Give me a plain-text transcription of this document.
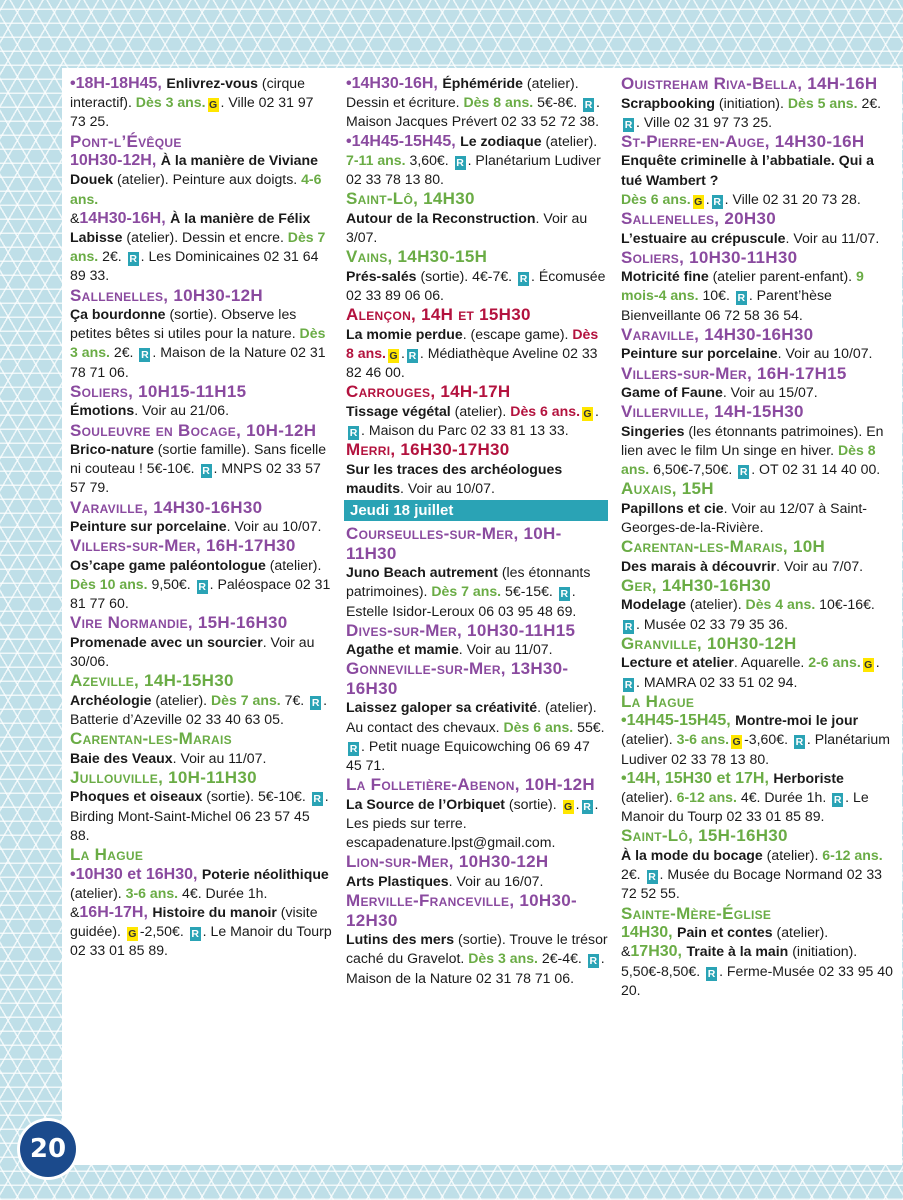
•18H-18H45, Enlivrez-vous (cirque interactif). Dès 3 ans. G . Ville 02 31 97 73 25.

Pont-l’Évêque

10H30-12H, À la manière de Viviane Douek (atelier). Peinture aux doigts. 4-6 ans.

&14H30-16H, À la manière de Félix Labisse (atelier). Dessin et encre. Dès 7 ans. 2€. R . Les Dominicaines 02 31 64 89 33.

Sallenelles, 10H30-12H

Ça bourdonne (sortie). Observe les petites bêtes si utiles pour la nature. Dès 3 ans. 2€. R . Maison de la Nature 02 31 78 71 06.

Soliers, 10H15-11H15

Émotions. Voir au 21/06.

Souleuvre en Bocage, 10H-12H

Brico-nature (sortie famille). Sans ficelle ni couteau ! 5€-10€. R . MNPS 02 33 57 57 79.

Varaville, 14H30-16H30

Peinture sur porcelaine. Voir au 10/07.

Villers-sur-Mer, 16H-17H30

Os’cape game paléontologue (atelier). Dès 10 ans. 9,50€. R . Paléospace 02 31 81 77 60.

Vire Normandie, 15H-16H30

Promenade avec un sourcier. Voir au 30/06.

Azeville, 14H-15H30

Archéologie (atelier). Dès 7 ans. 7€. R . Batterie d’Azeville 02 33 40 63 05.

Carentan-les-Marais

Baie des Veaux. Voir au 11/07.

Jullouville, 10H-11H30

Phoques et oiseaux (sortie). 5€-10€. R . Birding Mont-Saint-Michel 06 23 57 45 88.

La Hague

•10H30 et 16H30, Poterie néolithique (atelier). 3-6 ans. 4€. Durée 1h.

&16H-17H, Histoire du manoir (visite guidée). G -2,50€. R . Le Manoir du Tourp 02 33 01 85 89.

•14H30-16H, Éphéméride (atelier). Dessin et écriture. Dès 8 ans. 5€-8€. R . Maison Jacques Prévert 02 33 52 72 38.

•14H45-15H45, Le zodiaque (atelier). 7-11 ans. 3,60€. R . Planétarium Ludiver 02 33 78 13 80.

Saint-Lô, 14H30

Autour de la Reconstruction. Voir au 3/07.

Vains, 14H30-15H

Prés-salés (sortie). 4€-7€. R . Écomusée 02 33 89 06 06.

Alençon, 14H et 15H30

La momie perdue. (escape game). Dès 8 ans. G . R . Médiathèque Aveline 02 33 82 46 00.

Carrouges, 14H-17H

Tissage végétal (atelier). Dès 6 ans. G .R . Maison du Parc 02 33 81 13 33.

Merri, 16H30-17H30

Sur les traces des archéologues maudits. Voir au 10/07.

Jeudi 18 juillet

Courseulles-sur-Mer, 10H-11H30

Juno Beach autrement (les étonnants patrimoines). Dès 7 ans. 5€-15€. R . Estelle Isidor-Leroux 06 03 95 48 69.

Dives-sur-Mer, 10H30-11H15

Agathe et mamie. Voir au 11/07.

Gonneville-sur-Mer, 13H30-16H30

Laissez galoper sa créativité. (atelier). Au contact des chevaux. Dès 6 ans. 55€. R . Petit nuage Equicowching 06 69 47 45 71.

La Folletière-Abenon, 10H-12H

La Source de l’Orbiquet (sortie). G . R . Les pieds sur terre. escapadenature.lpst@gmail.com.

Lion-sur-Mer, 10H30-12H

Arts Plastiques. Voir au 16/07.

Merville-Franceville, 10H30-12H30

Lutins des mers (sortie). Trouve le trésor caché du Gravelot. Dès 3 ans. 2€-4€. R . Maison de la Nature 02 31 78 71 06.

Ouistreham Riva-Bella, 14H-16H

Scrapbooking (initiation). Dès 5 ans. 2€. R . Ville 02 31 97 73 25.

St-Pierre-en-Auge, 14H30-16H

Enquête criminelle à l’abbatiale. Qui a tué Wambert ?

Dès 6 ans. G . R . Ville 02 31 20 73 28.

Sallenelles, 20H30

L’estuaire au crépuscule. Voir au 11/07.

Soliers, 10H30-11H30

Motricité fine (atelier parent-enfant). 9 mois-4 ans. 10€. R . Parent’hèse Bienveillante 06 72 58 36 54.

Varaville, 14H30-16H30

Peinture sur porcelaine. Voir au 10/07.

Villers-sur-Mer, 16H-17H15

Game of Faune. Voir au 15/07.

Villerville, 14H-15H30

Singeries (les étonnants patrimoines). En lien avec le film Un singe en hiver. Dès 8 ans. 6,50€-7,50€. R . OT 02 31 14 40 00.

Auxais, 15H

Papillons et cie. Voir au 12/07 à Saint-Georges-de-la-Rivière.

Carentan-les-Marais, 10H

Des marais à découvrir. Voir au 7/07.

Ger, 14H30-16H30

Modelage (atelier). Dès 4 ans. 10€-16€. R . Musée 02 33 79 35 36.

Granville, 10H30-12H

Lecture et atelier. Aquarelle. 2-6 ans. G .R . MAMRA 02 33 51 02 94.

La Hague

•14H45-15H45, Montre-moi le jour (atelier). 3-6 ans. G -3,60€. R . Planétarium Ludiver 02 33 78 13 80.

•14H, 15H30 et 17H, Herboriste (atelier). 6-12 ans. 4€. Durée 1h. R . Le Manoir du Tourp 02 33 01 85 89.

Saint-Lô, 15H-16H30

À la mode du bocage (atelier). 6-12 ans. 2€. R . Musée du Bocage Normand 02 33 72 52 55.

Sainte-Mère-Église

14H30, Pain et contes (atelier). &17H30, Traite à la main (initiation). 5,50€-8,50€. R . Ferme-Musée 02 33 95 40 20.

20
